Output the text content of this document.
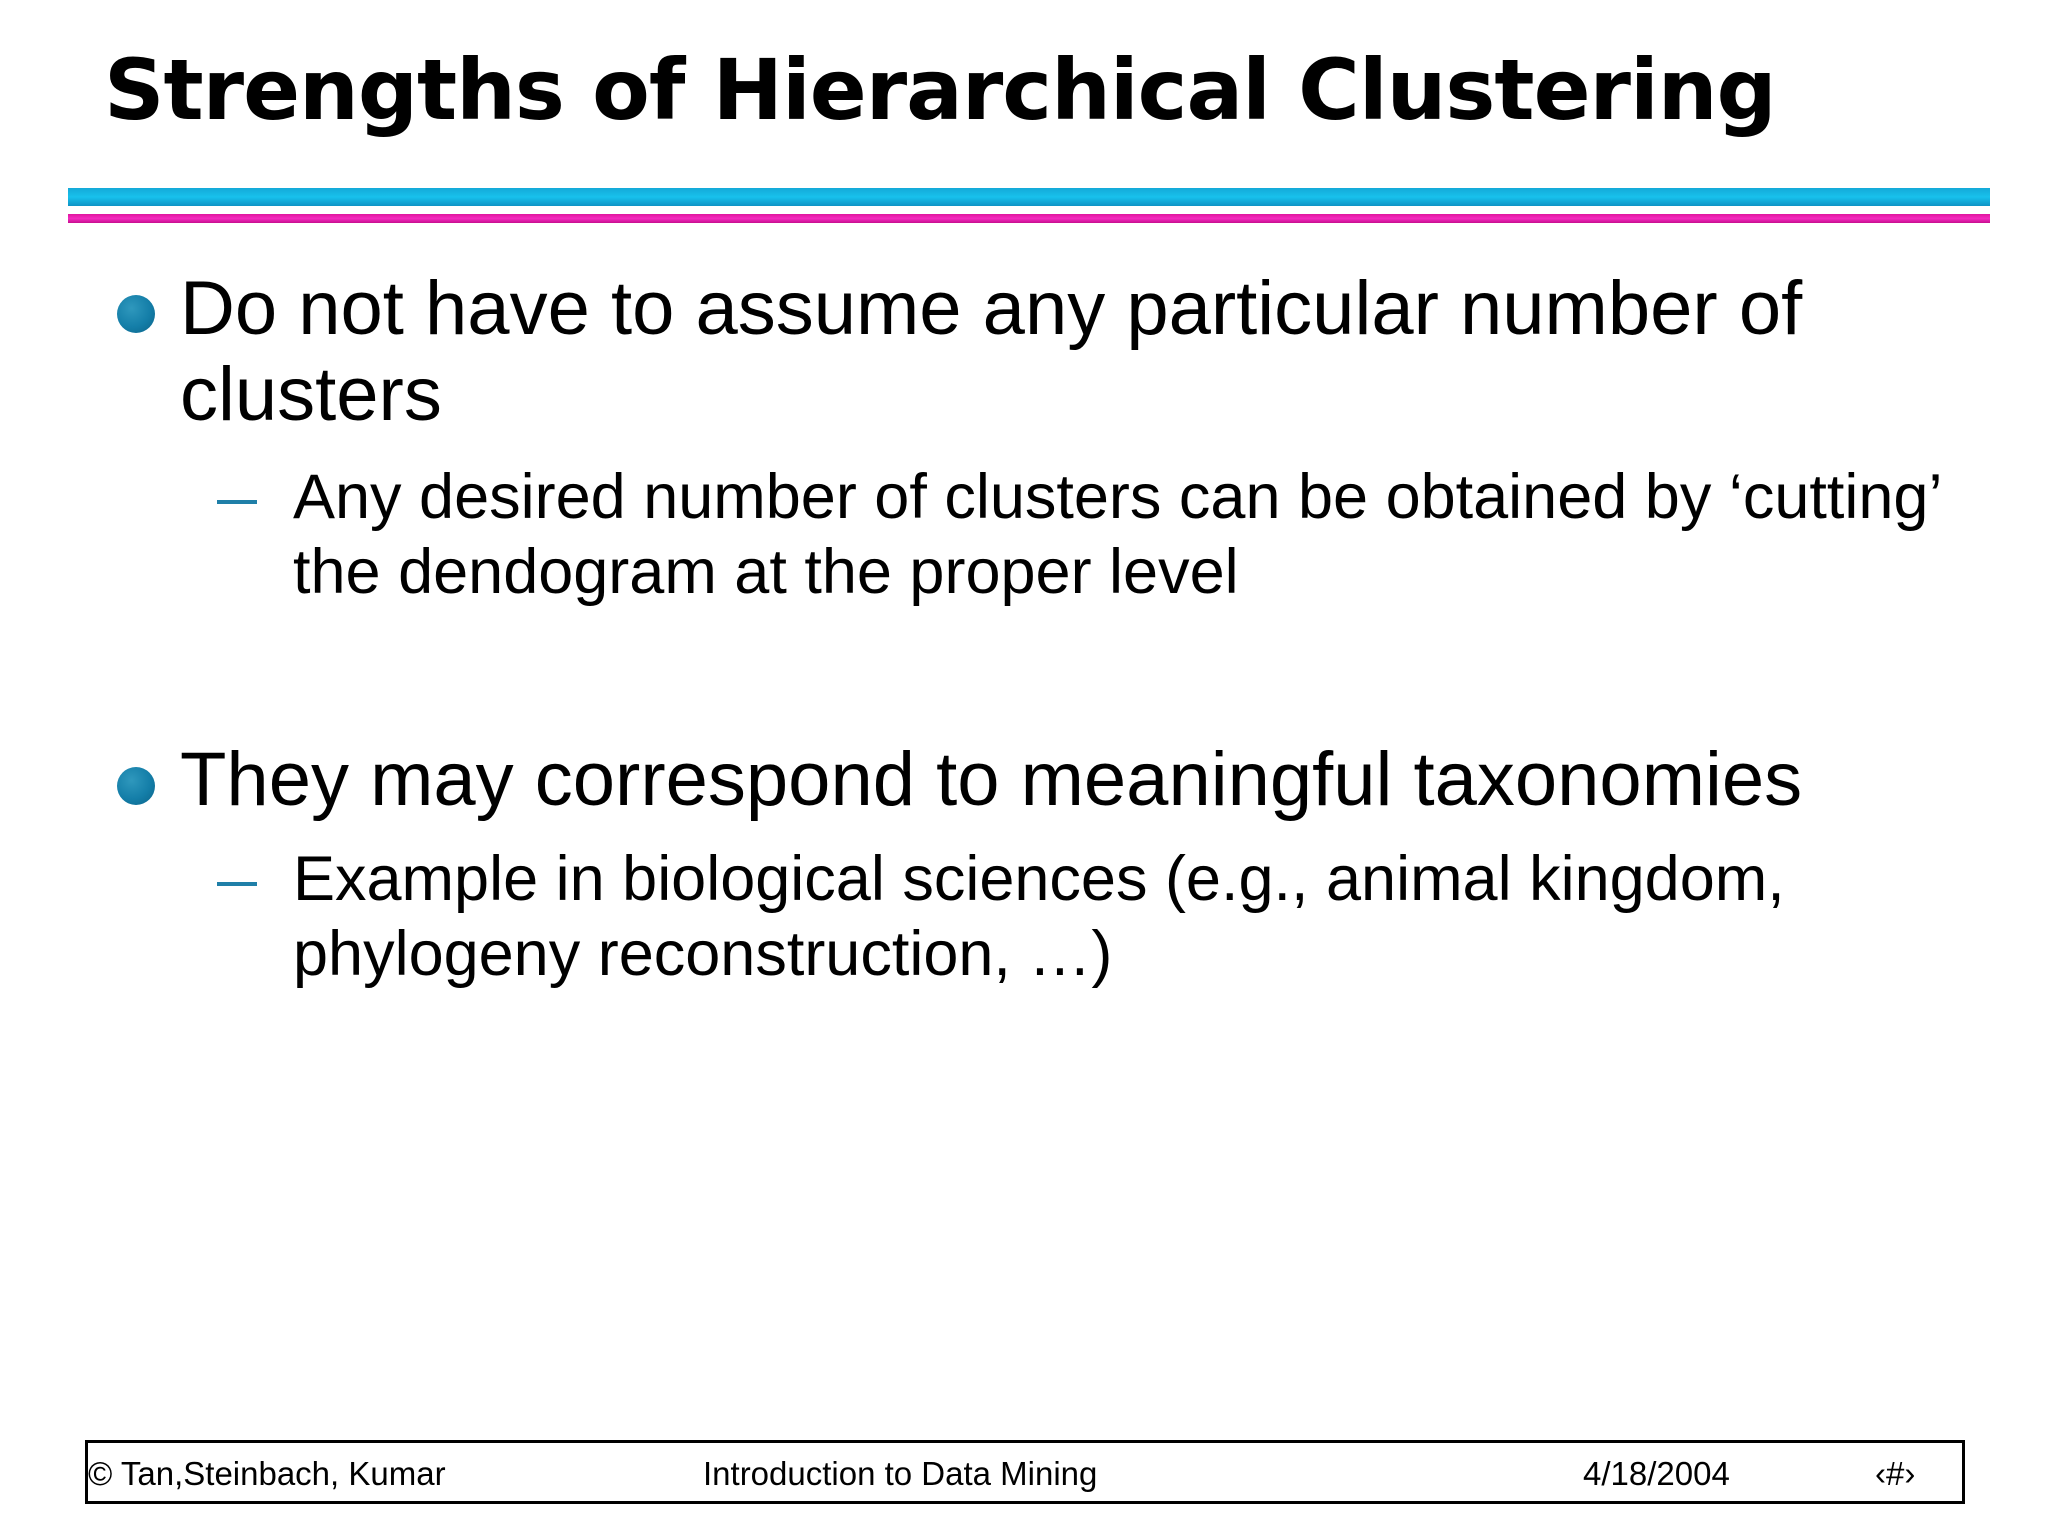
Strengths of Hierarchical Clustering

Do not have to assume any particular number of clusters

Any desired number of clusters can be obtained by ‘cutting’ the dendogram at the proper level

They may correspond to meaningful taxonomies

Example in biological sciences (e.g., animal kingdom, phylogeny reconstruction, …)

© Tan,Steinbach, Kumar	Introduction to Data Mining	4/18/2004	‹#›
